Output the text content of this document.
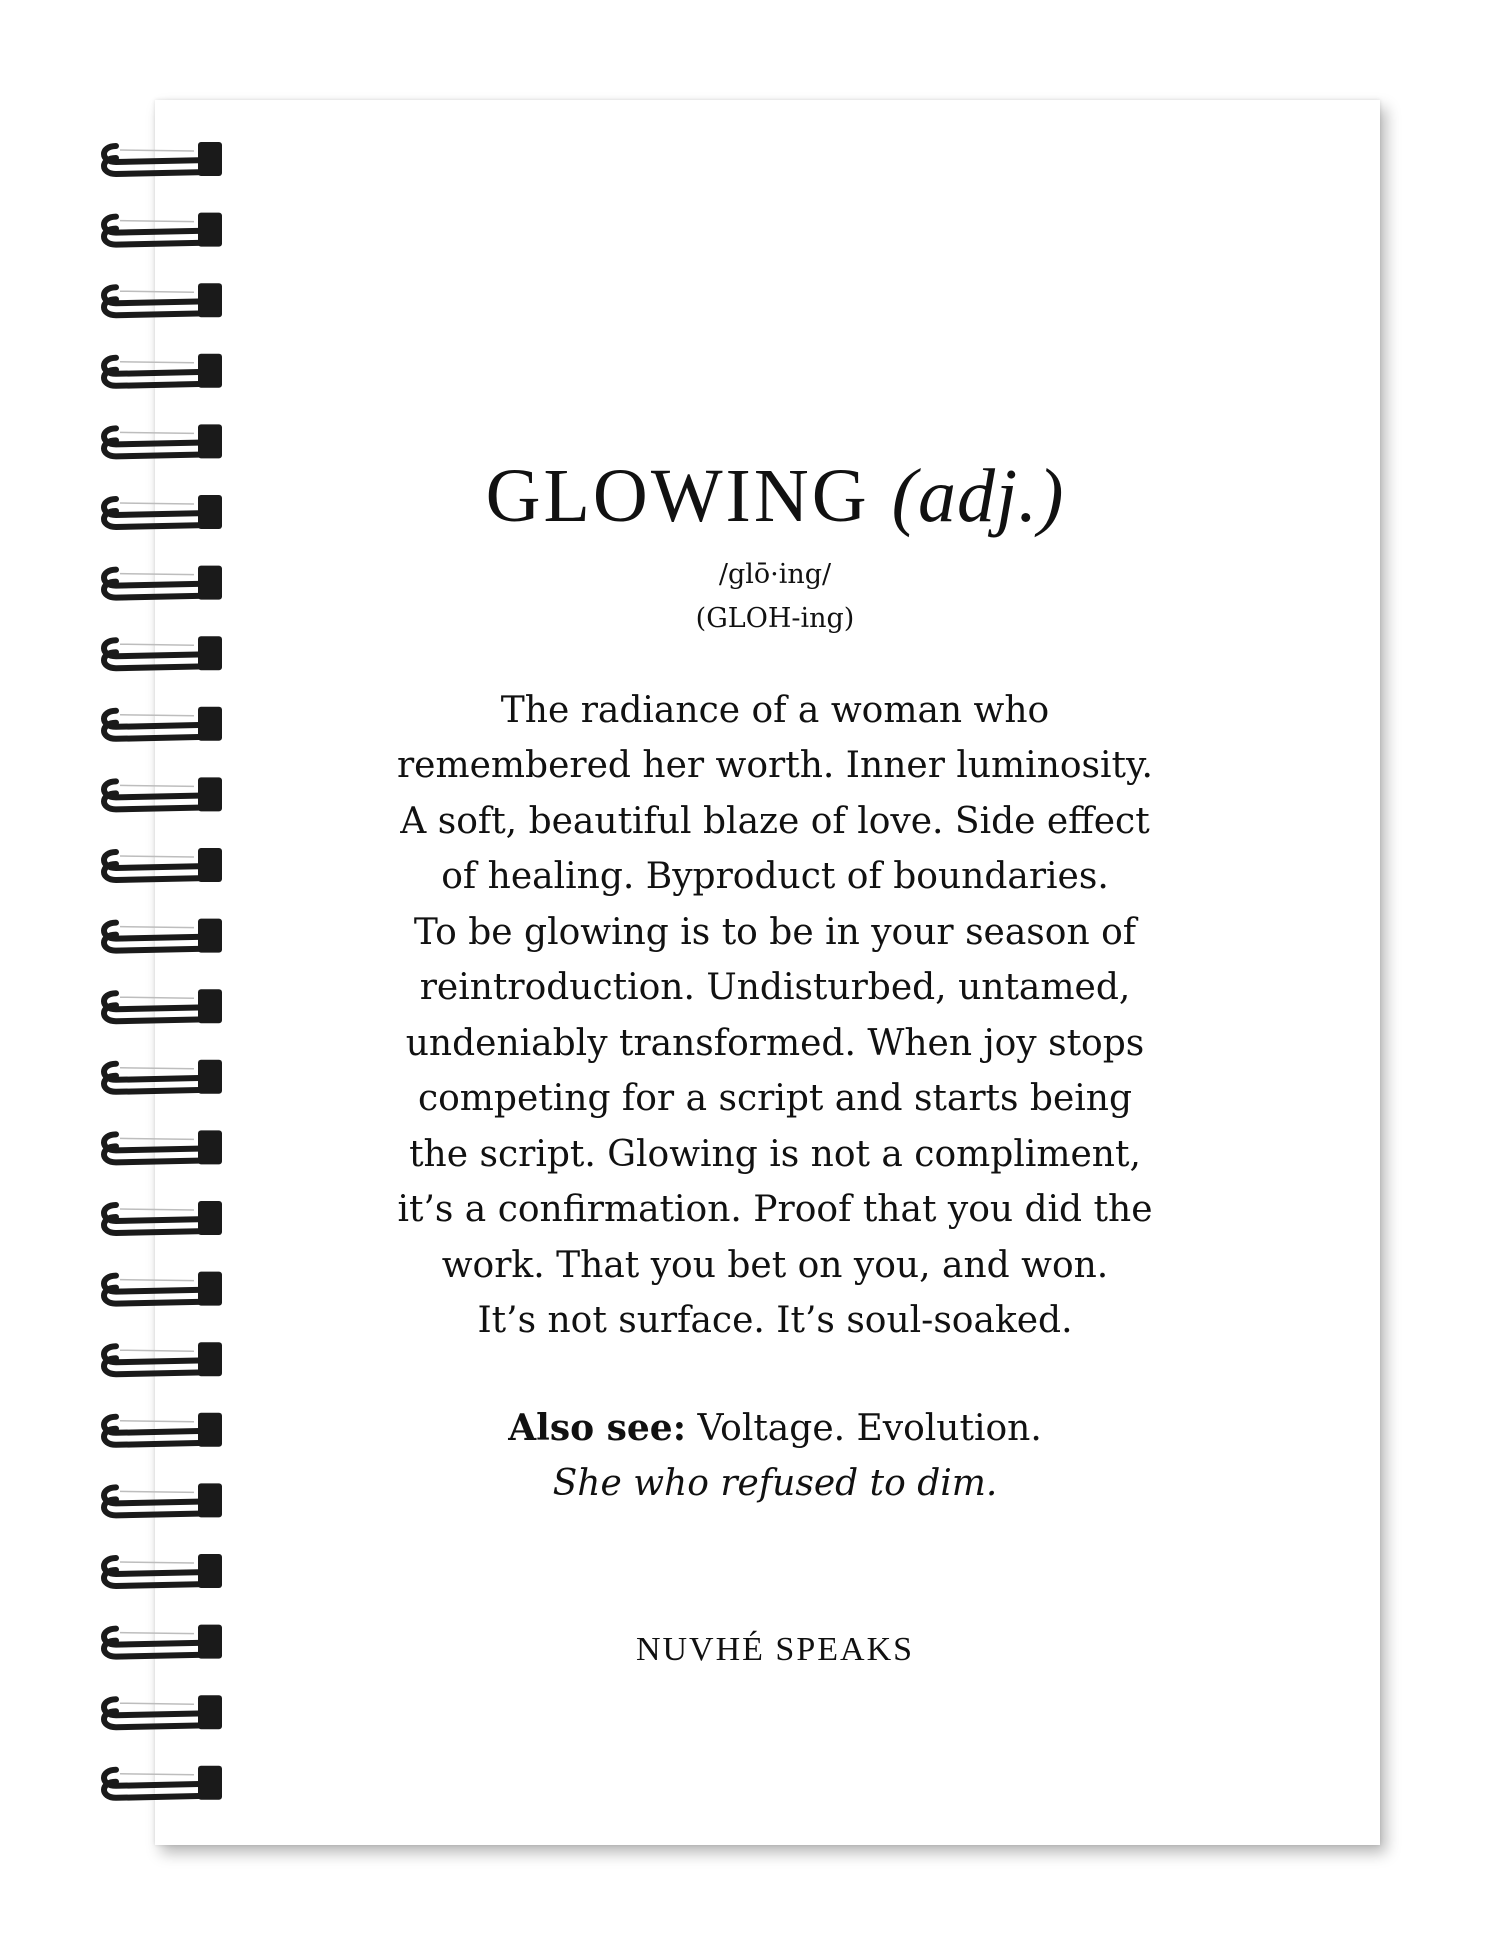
GLOWING (adj.)
/glō·ing/
(GLOH-ing)
The radiance of a woman who
remembered her worth. Inner luminosity.
A soft, beautiful blaze of love. Side effect
of healing. Byproduct of boundaries.
To be glowing is to be in your season of
reintroduction. Undisturbed, untamed,
undeniably transformed. When joy stops
competing for a script and starts being
the script. Glowing is not a compliment,
it’s a confirmation. Proof that you did the
work. That you bet on you, and won.
It’s not surface. It’s soul-soaked.
Also see: Voltage. Evolution.
She who refused to dim.
NUVHÉ SPEAKS
